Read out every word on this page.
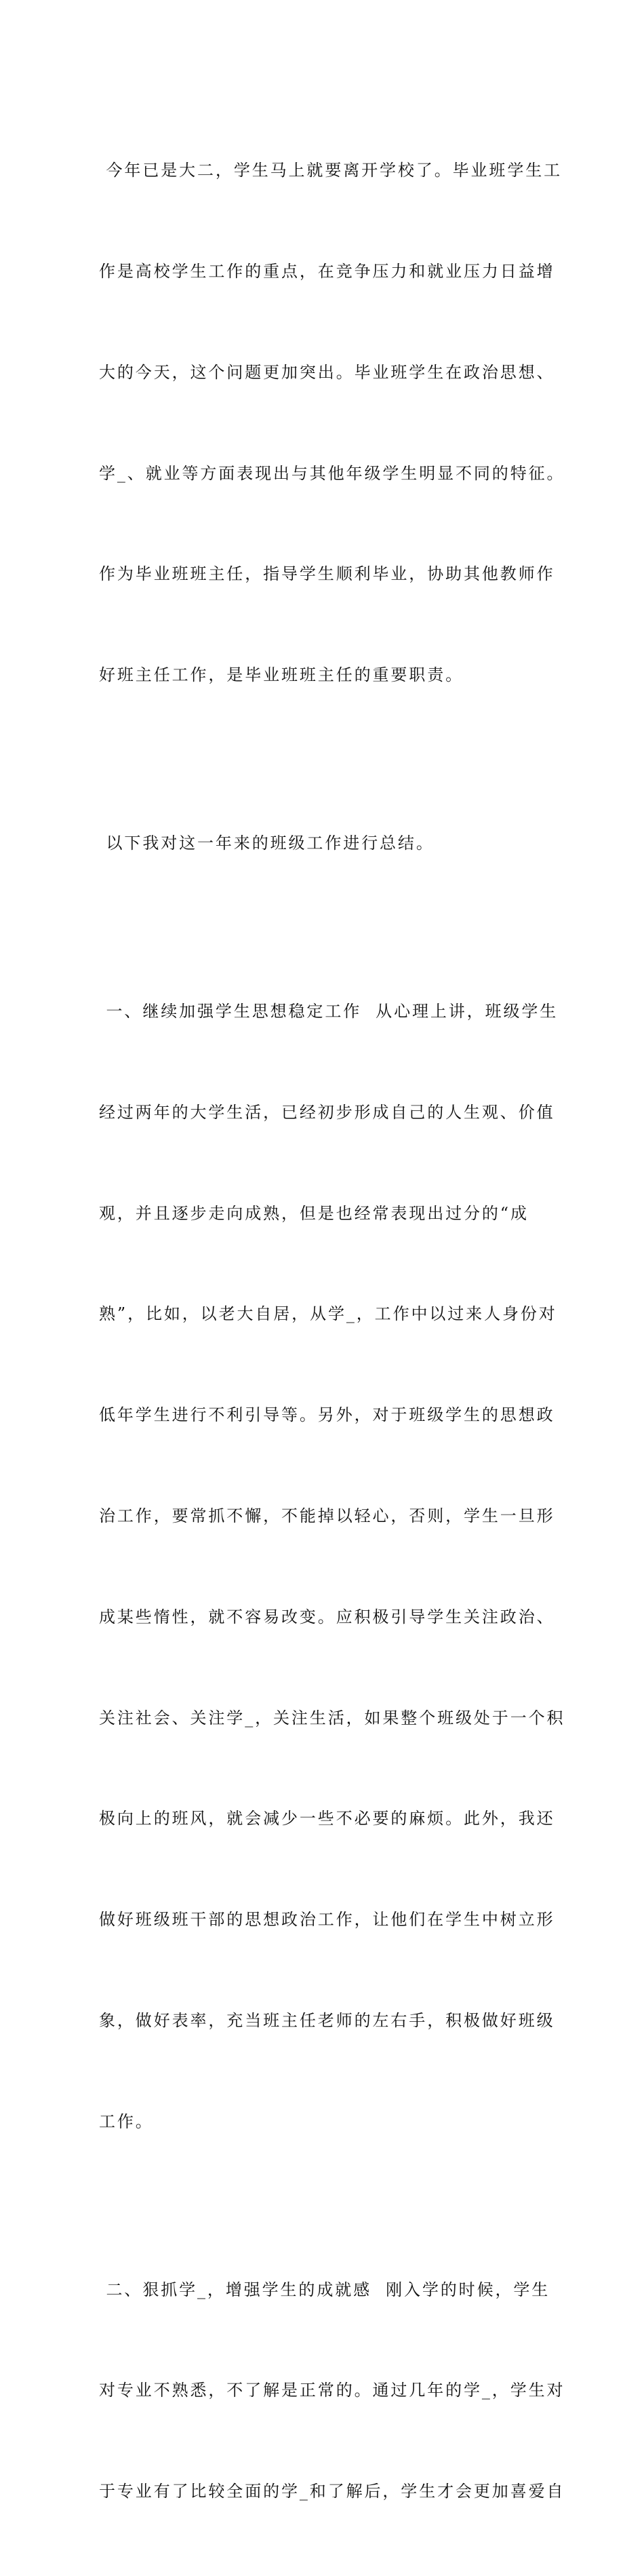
今年已是大二，学生马上就要离开学校了。毕业班学生工

作是高校学生工作的重点，在竞争压力和就业压力日益增

大的今天，这个问题更加突出。毕业班学生在政治思想、

学_、就业等方面表现出与其他年级学生明显不同的特征。

作为毕业班班主任，指导学生顺利毕业，协助其他教师作

好班主任工作，是毕业班班主任的重要职责。

以下我对这一年来的班级工作进行总结。

一、继续加强学生思想稳定工作  从心理上讲，班级学生

经过两年的大学生活，已经初步形成自己的人生观、价值

观，并且逐步走向成熟，但是也经常表现出过分的“成

熟”，比如，以老大自居，从学_，工作中以过来人身份对

低年学生进行不利引导等。另外，对于班级学生的思想政

治工作，要常抓不懈，不能掉以轻心，否则，学生一旦形

成某些惰性，就不容易改变。应积极引导学生关注政治、

关注社会、关注学_，关注生活，如果整个班级处于一个积

极向上的班风，就会减少一些不必要的麻烦。此外，我还

做好班级班干部的思想政治工作，让他们在学生中树立形

象，做好表率，充当班主任老师的左右手，积极做好班级

工作。

二、狠抓学_，增强学生的成就感  刚入学的时候，学生

对专业不熟悉，不了解是正常的。通过几年的学_，学生对

于专业有了比较全面的学_和了解后，学生才会更加喜爱自
